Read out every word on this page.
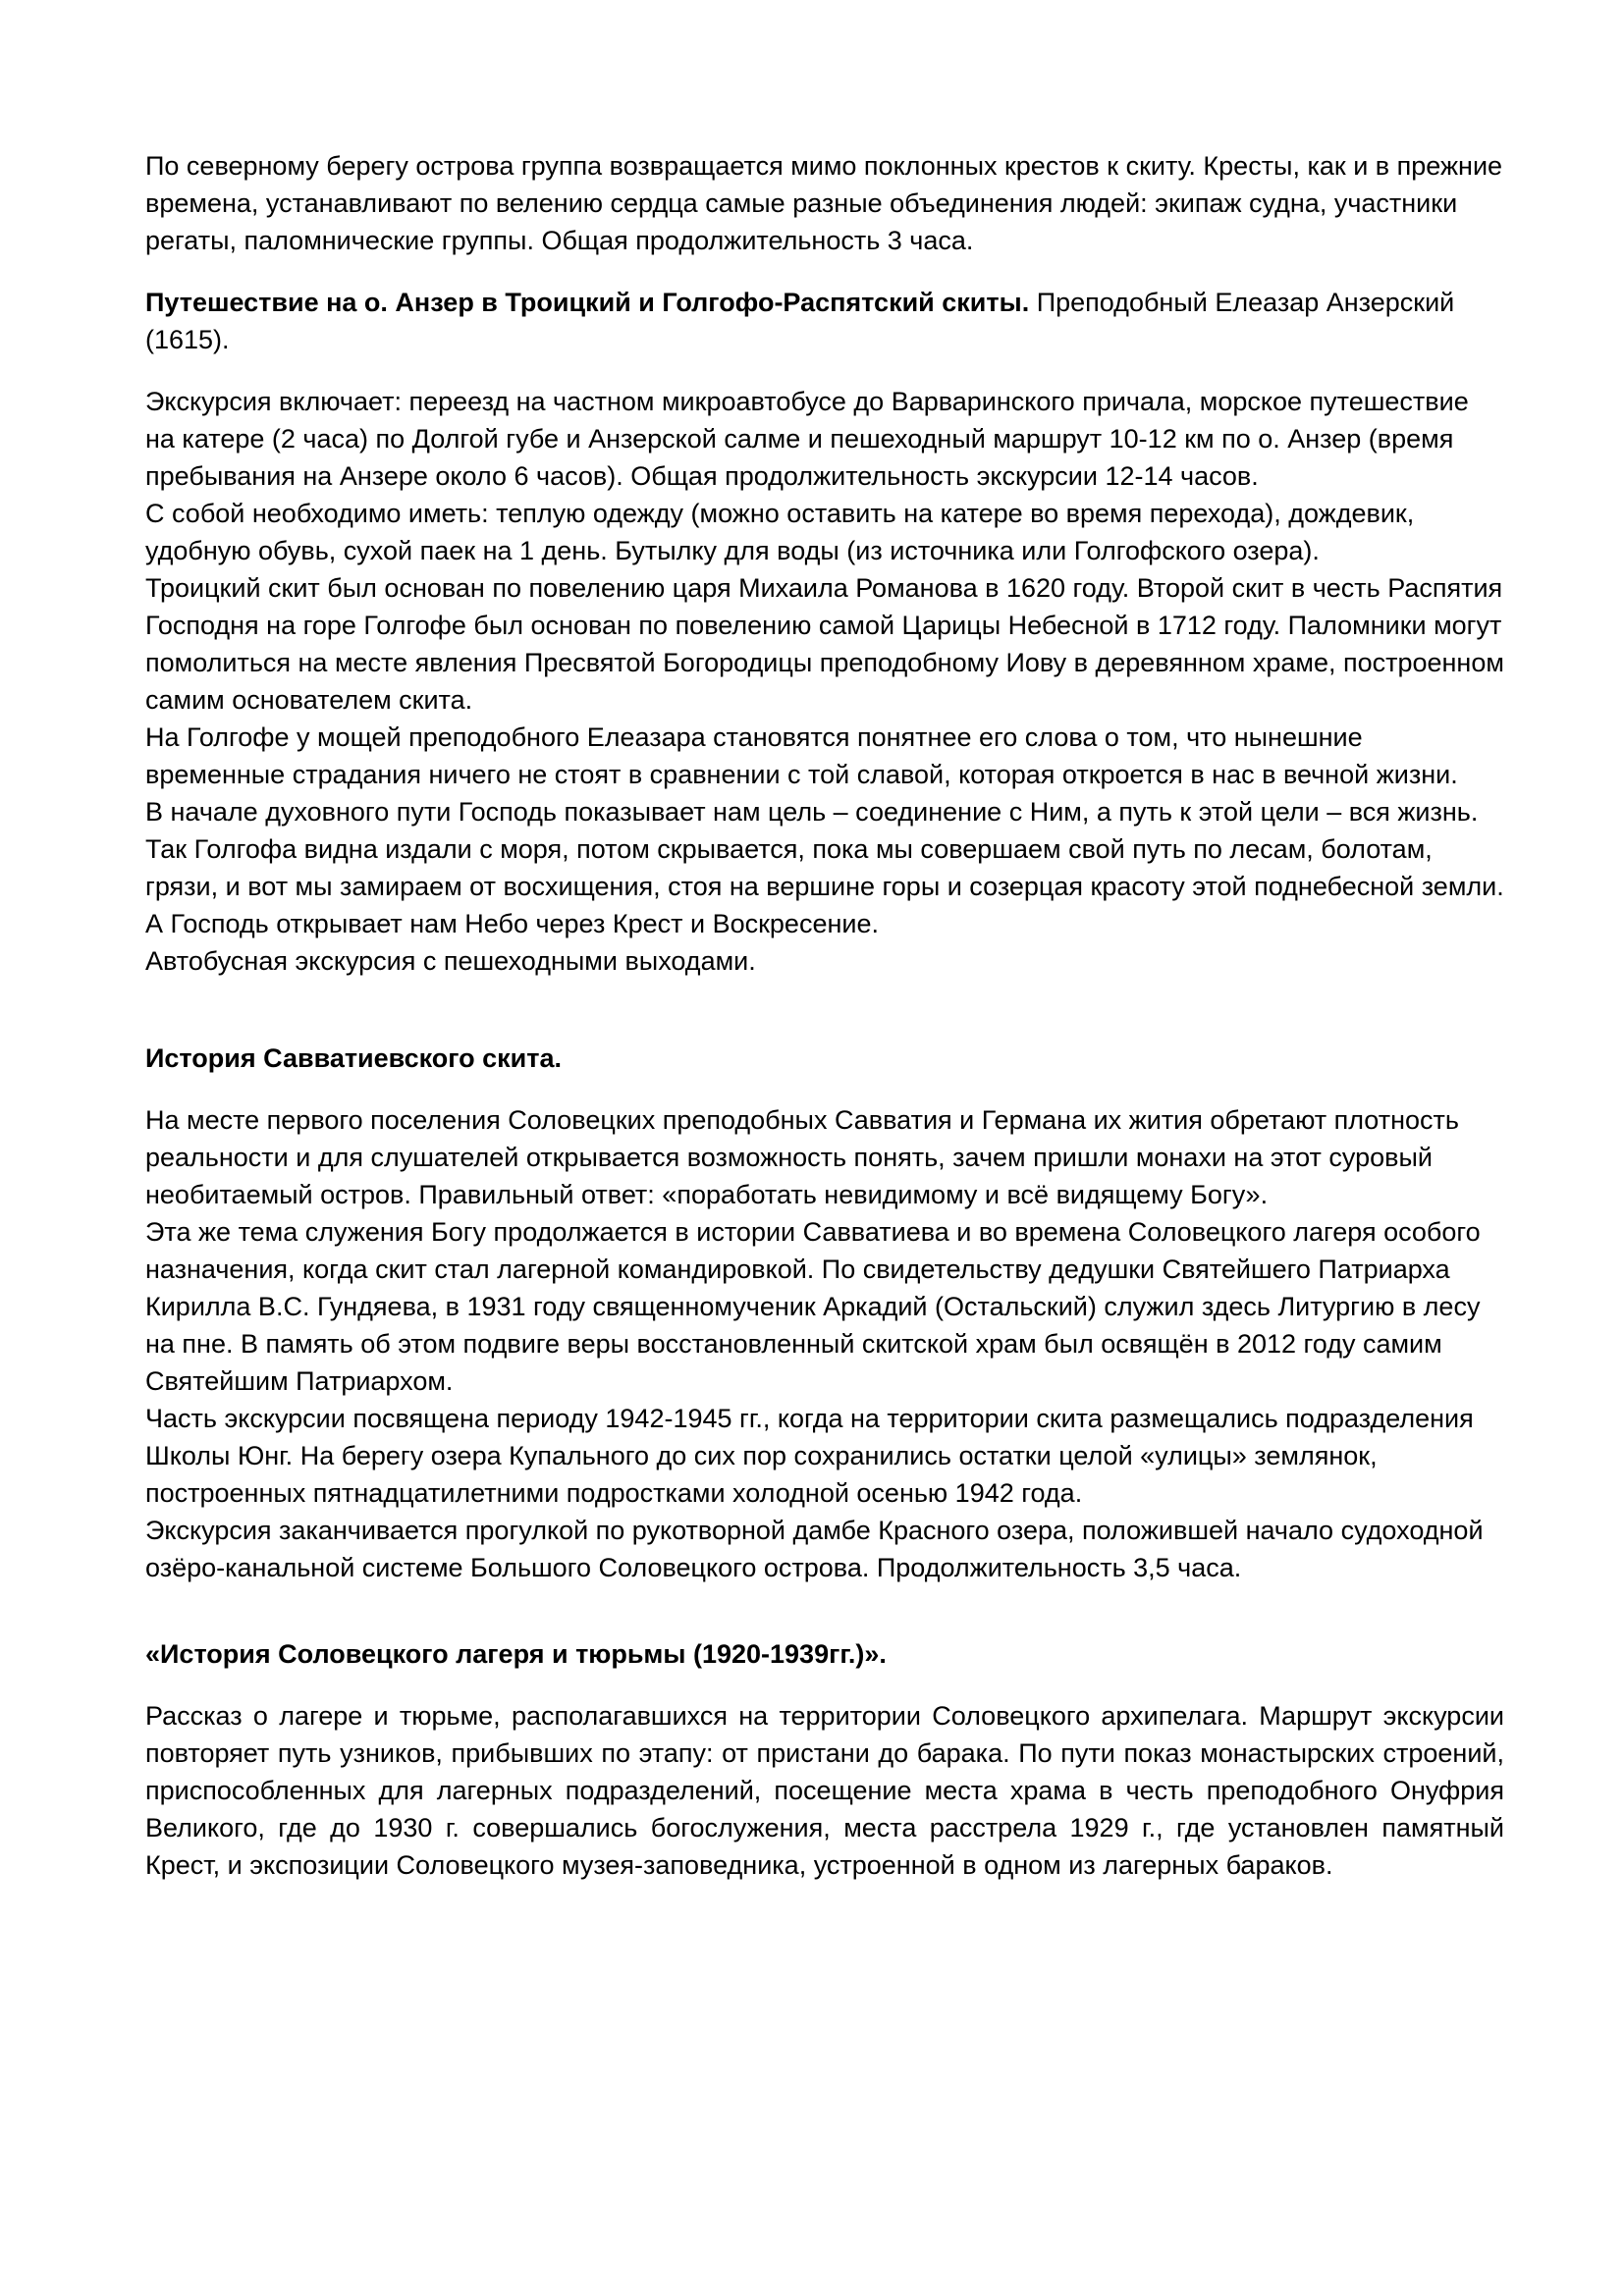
По северному берегу острова группа возвращается мимо поклонных крестов к скиту. Кресты, как и в прежние времена, устанавливают по велению сердца самые разные объединения людей: экипаж судна, участники регаты, паломнические группы. Общая продолжительность 3 часа.

Путешествие на о. Анзер в Троицкий и Голгофо-Распятский скиты. Преподобный Елеазар Анзерский (1615).

Экскурсия включает: переезд на частном микроавтобусе до Варваринского причала, морское путешествие на катере (2 часа) по Долгой губе и Анзерской салме и пешеходный маршрут 10-12 км по о. Анзер (время пребывания на Анзере около 6 часов). Общая продолжительность экскурсии 12-14 часов.

С собой необходимо иметь: теплую одежду (можно оставить на катере во время перехода), дождевик, удобную обувь, сухой паек на 1 день. Бутылку для воды (из источника или Голгофского озера).

Троицкий скит был основан по повелению царя Михаила Романова в 1620 году. Второй скит в честь Распятия Господня на горе Голгофе был основан по повелению самой Царицы Небесной в 1712 году. Паломники могут помолиться на месте явления Пресвятой Богородицы преподобному Иову в деревянном храме, построенном самим основателем скита.

На Голгофе у мощей преподобного Елеазара становятся понятнее его слова о том, что нынешние временные страдания ничего не стоят в сравнении с той славой, которая откроется в нас в вечной жизни.

В начале духовного пути Господь показывает нам цель – соединение с Ним, а путь к этой цели – вся жизнь. Так Голгофа видна издали с моря, потом скрывается, пока мы совершаем свой путь по лесам, болотам, грязи, и вот мы замираем от восхищения, стоя на вершине горы и созерцая красоту этой поднебесной земли. А Господь открывает нам Небо через Крест и Воскресение.

Автобусная экскурсия с пешеходными выходами.

История Савватиевского скита.

На месте первого поселения Соловецких преподобных Савватия и Германа их жития обретают плотность реальности и для слушателей открывается возможность понять, зачем пришли монахи на этот суровый необитаемый остров. Правильный ответ: «поработать невидимому и всё видящему Богу».

Эта же тема служения Богу продолжается в истории Савватиева и во времена Соловецкого лагеря особого назначения, когда скит стал лагерной командировкой. По свидетельству дедушки Святейшего Патриарха Кирилла В.С. Гундяева, в 1931 году священномученик Аркадий (Остальский) служил здесь Литургию в лесу на пне. В память об этом подвиге веры восстановленный скитской храм был освящён в 2012 году самим Святейшим Патриархом.

Часть экскурсии посвящена периоду 1942-1945 гг., когда на территории скита размещались подразделения Школы Юнг. На берегу озера Купального до сих пор сохранились остатки целой «улицы» землянок, построенных пятнадцатилетними подростками холодной осенью 1942 года.

Экскурсия заканчивается прогулкой по рукотворной дамбе Красного озера, положившей начало судоходной озёро-канальной системе Большого Соловецкого острова. Продолжительность 3,5 часа.

«История Соловецкого лагеря и тюрьмы (1920-1939гг.)».

Рассказ о лагере и тюрьме, располагавшихся на территории Соловецкого архипелага. Маршрут экскурсии повторяет путь узников, прибывших по этапу: от пристани до барака. По пути показ монастырских строений, приспособленных для лагерных подразделений, посещение места храма в честь преподобного Онуфрия Великого, где до 1930 г. совершались богослужения, места расстрела 1929 г., где установлен памятный Крест, и экспозиции Соловецкого музея-заповедника, устроенной в одном из лагерных бараков.
